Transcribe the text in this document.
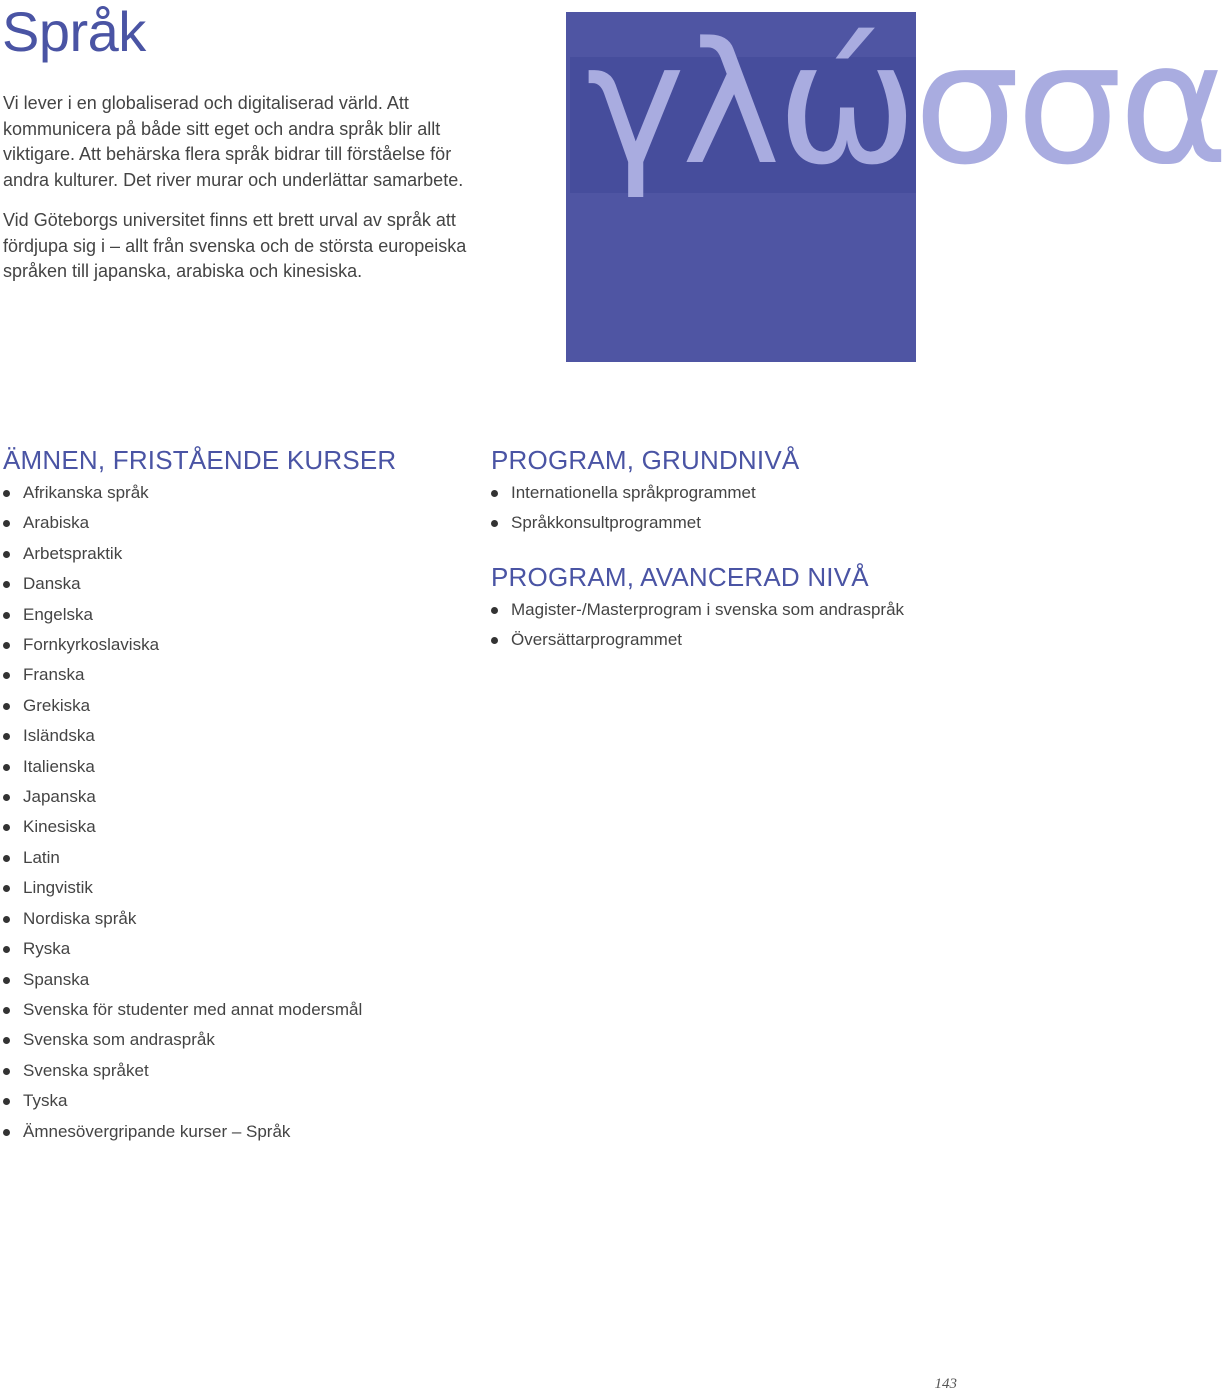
Språk

Vi lever i en globaliserad och digitaliserad värld. Att kommunicera på både sitt eget och andra språk blir allt viktigare. Att behärska flera språk bidrar till förståelse för andra kulturer. Det river murar och underlättar samarbete.

Vid Göteborgs universitet finns ett brett urval av språk att fördjupa sig i – allt från svenska och de största europeiska språken till japanska, arabiska och kinesiska.

γλώσσα
ÄMNEN, FRISTÅENDE KURSER
Afrikanska språk
Arabiska
Arbetspraktik
Danska
Engelska
Fornkyrkoslaviska
Franska
Grekiska
Isländska
Italienska
Japanska
Kinesiska
Latin
Lingvistik
Nordiska språk
Ryska
Spanska
Svenska för studenter med annat modersmål
Svenska som andraspråk
Svenska språket
Tyska
Ämnesövergripande kurser – Språk
PROGRAM, GRUNDNIVÅ
Internationella språkprogrammet
Språkkonsultprogrammet
PROGRAM, AVANCERAD NIVÅ
Magister-/Masterprogram i svenska som andraspråk
Översättarprogrammet
143
